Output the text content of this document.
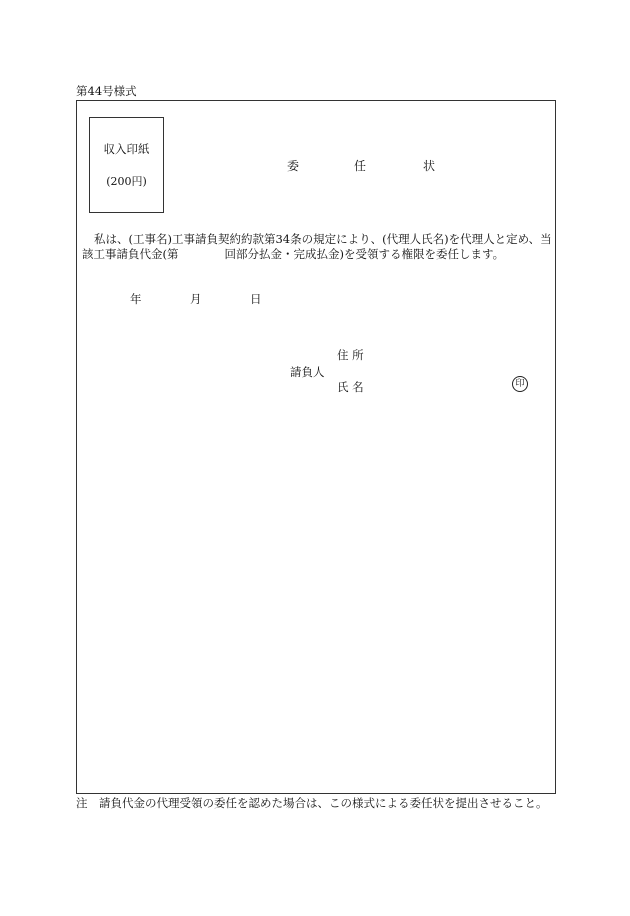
第44号様式
収入印紙
(200円)
委	任	状
私は、(工事名)工事請負契約約款第34条の規定により、(代理人氏名)を代理人と定め、当該工事請負代金(第	回部分払金・完成払金)を受領する権限を委任します。
年	月	日
住 所
請負人
氏 名	印
注　請負代金の代理受領の委任を認めた場合は、この様式による委任状を提出させること。
